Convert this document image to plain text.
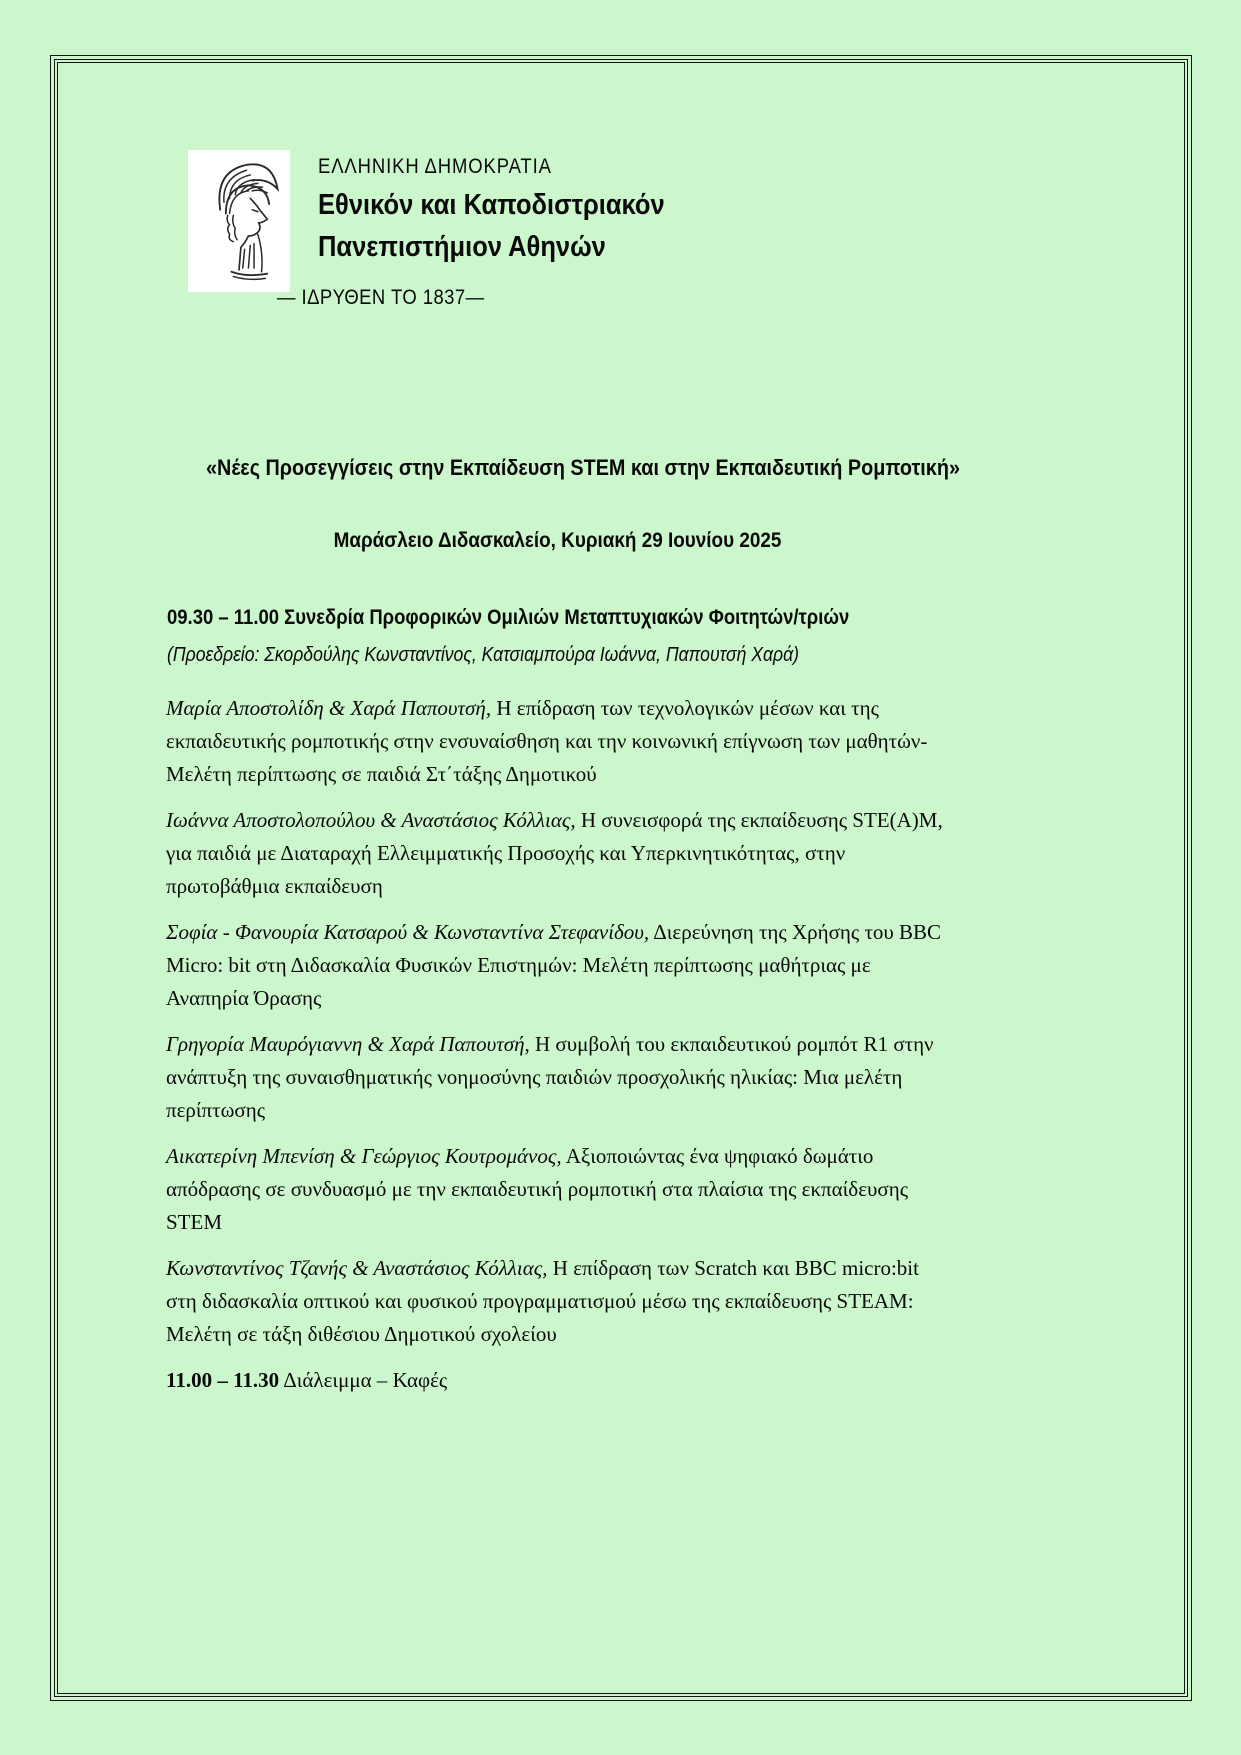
ΕΛΛΗΝΙΚΗ ΔΗΜΟΚΡΑΤΙΑ
Εθνικόν και Καποδιστριακόν
Πανεπιστήμιον Αθηνών
— ΙΔΡΥΘΕΝ ΤΟ 1837—
«Νέες Προσεγγίσεις στην Εκπαίδευση STEM και στην Εκπαιδευτική Ρομποτική»
Μαράσλειο Διδασκαλείο, Κυριακή 29 Ιουνίου 2025
09.30 – 11.00 Συνεδρία Προφορικών Ομιλιών Μεταπτυχιακών Φοιτητών/τριών
(Προεδρείο: Σκορδούλης Κωνσταντίνος, Κατσιαμπούρα Ιωάννα, Παπουτσή Χαρά)

Μαρία Αποστολίδη & Χαρά Παπουτσή, Η επίδραση των τεχνολογικών μέσων και της εκπαιδευτικής ρομποτικής στην ενσυναίσθηση και την κοινωνική επίγνωση των μαθητών- Μελέτη περίπτωσης σε παιδιά Στ΄τάξης Δημοτικού

Ιωάννα Αποστολοπούλου & Αναστάσιος Κόλλιας, Η συνεισφορά της εκπαίδευσης STE(A)M, για παιδιά με Διαταραχή Ελλειμματικής Προσοχής και Υπερκινητικότητας, στην πρωτοβάθμια εκπαίδευση

Σοφία - Φανουρία Κατσαρού & Κωνσταντίνα Στεφανίδου, Διερεύνηση της Χρήσης του BBC Micro: bit στη Διδασκαλία Φυσικών Επιστημών: Μελέτη περίπτωσης μαθήτριας με Αναπηρία Όρασης

Γρηγορία Μαυρόγιαννη & Χαρά Παπουτσή, Η συμβολή του εκπαιδευτικού ρομπότ R1 στην ανάπτυξη της συναισθηματικής νοημοσύνης παιδιών προσχολικής ηλικίας: Μια μελέτη περίπτωσης

Αικατερίνη Μπενίση & Γεώργιος Κουτρομάνος, Αξιοποιώντας ένα ψηφιακό δωμάτιο απόδρασης σε συνδυασμό με την εκπαιδευτική ρομποτική στα πλαίσια της εκπαίδευσης STEM

Κωνσταντίνος Τζανής & Αναστάσιος Κόλλιας, Η επίδραση των Scratch και BBC micro:bit στη διδασκαλία οπτικού και φυσικού προγραμματισμού μέσω της εκπαίδευσης STEAM: Μελέτη σε τάξη διθέσιου Δημοτικού σχολείου

11.00 – 11.30 Διάλειμμα – Καφές
